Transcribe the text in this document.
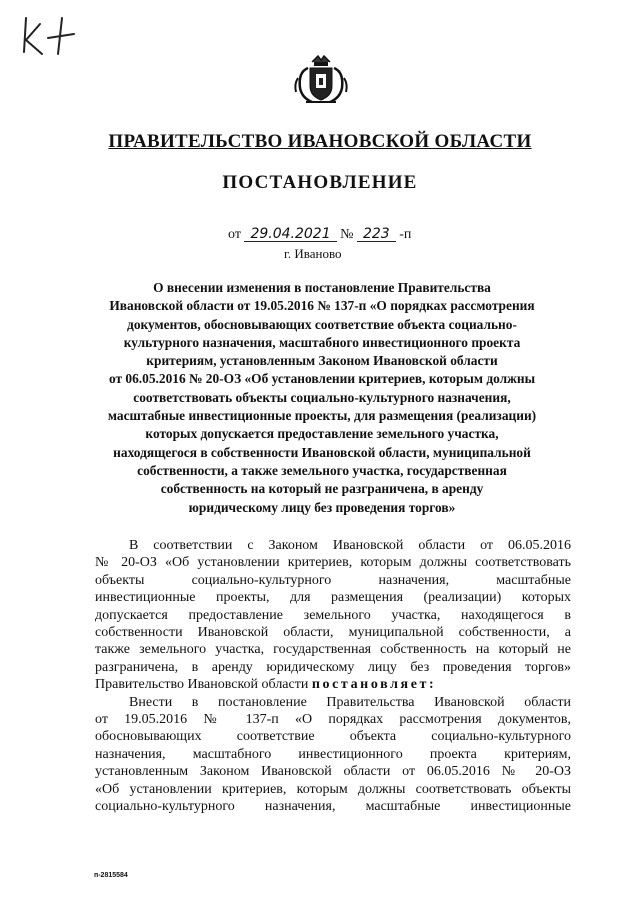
ПРАВИТЕЛЬСТВО ИВАНОВСКОЙ ОБЛАСТИ
ПОСТАНОВЛЕНИЕ
от 29.04.2021 № 223 -п
г. Иваново
О внесении изменения в постановление Правительства
Ивановской области от 19.05.2016 № 137-п «О порядках рассмотрения
документов, обосновывающих соответствие объекта социально-
культурного назначения, масштабного инвестиционного проекта
критериям, установленным Законом Ивановской области
от 06.05.2016 № 20-ОЗ «Об установлении критериев, которым должны
соответствовать объекты социально-культурного назначения,
масштабные инвестиционные проекты, для размещения (реализации)
которых допускается предоставление земельного участка,
находящегося в собственности Ивановской области, муниципальной
собственности, а также земельного участка, государственная
собственность на который не разграничена, в аренду
юридическому лицу без проведения торгов»
В соответствии с Законом Ивановской области от 06.05.2016
№ 20-ОЗ «Об установлении критериев, которым должны соответствовать
объекты социально-культурного назначения, масштабные
инвестиционные проекты, для размещения (реализации) которых
допускается предоставление земельного участка, находящегося в
собственности Ивановской области, муниципальной собственности, а
также земельного участка, государственная собственность на который не
разграничена, в аренду юридическому лицу без проведения торгов»
Правительство Ивановской области постановляет:
Внести в постановление Правительства Ивановской области
от 19.05.2016 № 137-п «О порядках рассмотрения документов,
обосновывающих соответствие объекта социально-культурного
назначения, масштабного инвестиционного проекта критериям,
установленным Законом Ивановской области от 06.05.2016 № 20-ОЗ
«Об установлении критериев, которым должны соответствовать объекты
социально-культурного назначения, масштабные инвестиционные
п-2815584
